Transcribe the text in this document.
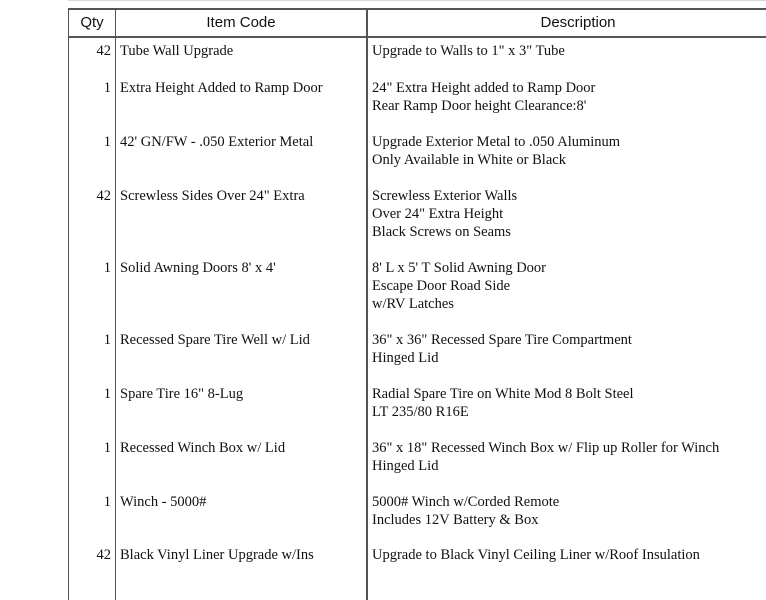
Qty	Item Code	Description
42 Tube Wall Upgrade	Upgrade to Walls to 1" x 3" Tube
1 Extra Height Added to Ramp Door	24" Extra Height added to Ramp Door
Rear Ramp Door height Clearance:8'
1 42' GN/FW - .050 Exterior Metal	Upgrade Exterior Metal to .050 Aluminum
Only Available in White or Black
42 Screwless Sides Over 24" Extra	Screwless Exterior Walls
Over 24" Extra Height
Black Screws on Seams
1 Solid Awning Doors 8' x 4'	8' L x 5' T Solid Awning Door
Escape Door Road Side
w/RV Latches
1 Recessed Spare Tire Well w/ Lid	36" x 36" Recessed Spare Tire Compartment
Hinged Lid
1 Spare Tire 16" 8-Lug	Radial Spare Tire on White Mod 8 Bolt Steel
LT 235/80 R16E
1 Recessed Winch Box w/ Lid	36" x 18" Recessed Winch Box w/ Flip up Roller for Winch
Hinged Lid
1 Winch - 5000#	5000# Winch w/Corded Remote
Includes 12V Battery & Box
42 Black Vinyl Liner Upgrade w/Ins	Upgrade to Black Vinyl Ceiling Liner w/Roof Insulation
